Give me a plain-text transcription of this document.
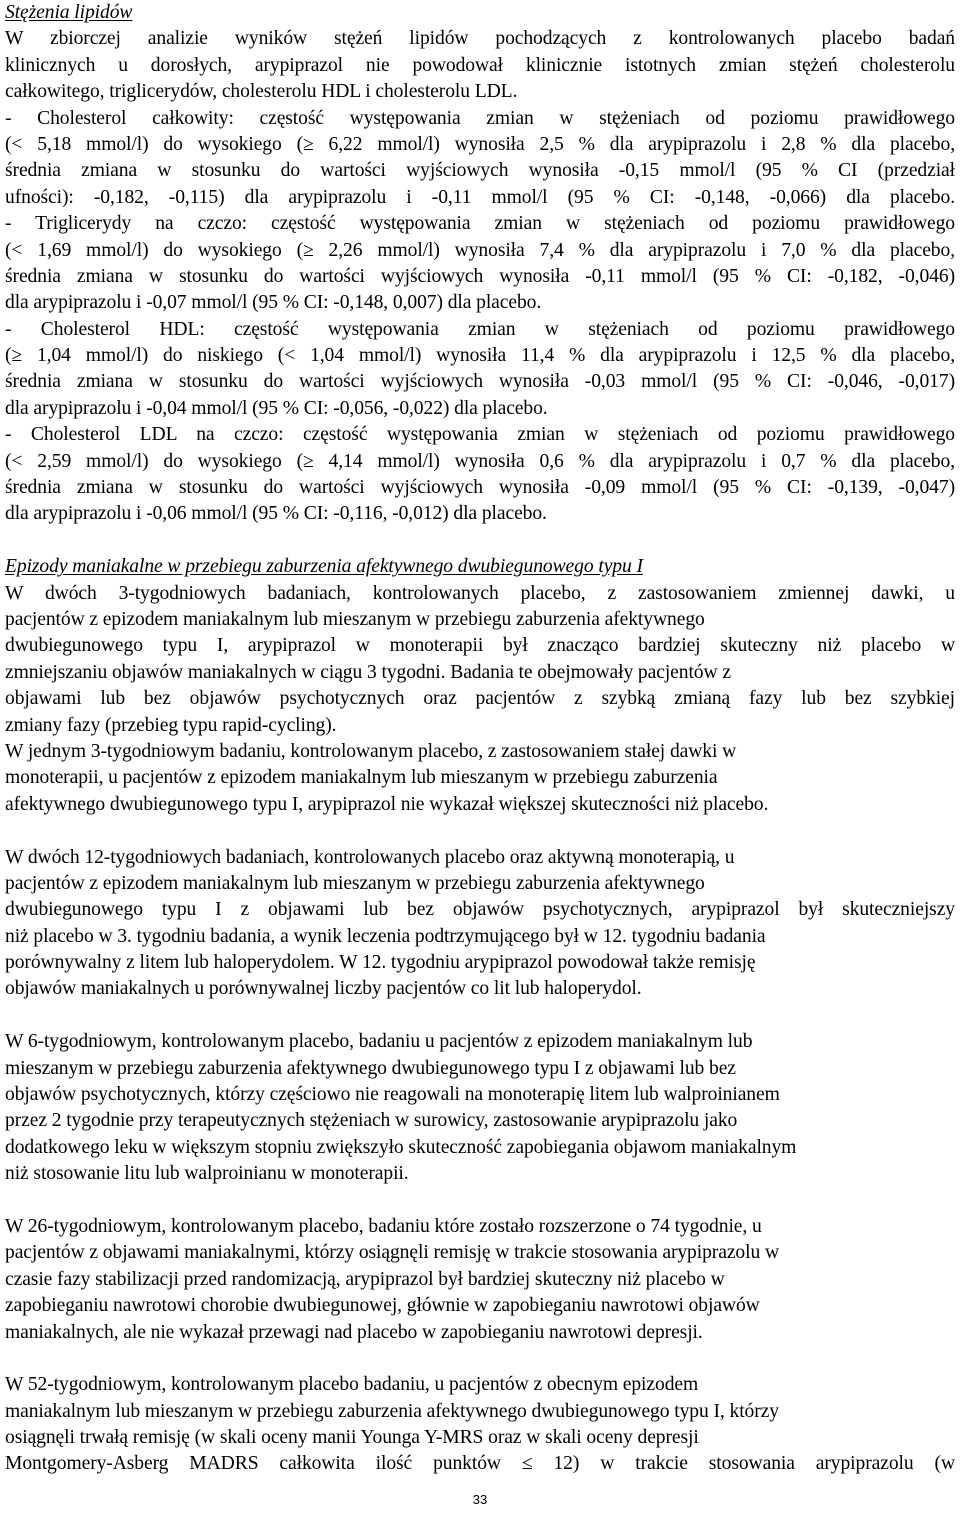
Stężenia lipidów
W zbiorczej analizie wyników stężeń lipidów pochodzących z kontrolowanych placebo badań
klinicznych u dorosłych, arypiprazol nie powodował klinicznie istotnych zmian stężeń cholesterolu
całkowitego, triglicerydów, cholesterolu HDL i cholesterolu LDL.
- Cholesterol całkowity: częstość występowania zmian w stężeniach od poziomu prawidłowego
(< 5,18 mmol/l) do wysokiego (≥ 6,22 mmol/l) wynosiła 2,5 % dla arypiprazolu i 2,8 % dla placebo,
średnia zmiana w stosunku do wartości wyjściowych wynosiła -0,15 mmol/l (95 % CI (przedział
ufności): -0,182, -0,115) dla arypiprazolu i -0,11 mmol/l (95 % CI: -0,148, -0,066) dla placebo.
- Triglicerydy na czczo: częstość występowania zmian w stężeniach od poziomu prawidłowego
(< 1,69 mmol/l) do wysokiego (≥ 2,26 mmol/l) wynosiła 7,4 % dla arypiprazolu i 7,0 % dla placebo,
średnia zmiana w stosunku do wartości wyjściowych wynosiła -0,11 mmol/l (95 % CI: -0,182, -0,046)
dla arypiprazolu i -0,07 mmol/l (95 % CI: -0,148, 0,007) dla placebo.
- Cholesterol HDL: częstość występowania zmian w stężeniach od poziomu prawidłowego
(≥ 1,04 mmol/l) do niskiego (< 1,04 mmol/l) wynosiła 11,4 % dla arypiprazolu i 12,5 % dla placebo,
średnia zmiana w stosunku do wartości wyjściowych wynosiła -0,03 mmol/l (95 % CI: -0,046, -0,017)
dla arypiprazolu i -0,04 mmol/l (95 % CI: -0,056, -0,022) dla placebo.
- Cholesterol LDL na czczo: częstość występowania zmian w stężeniach od poziomu prawidłowego
(< 2,59 mmol/l) do wysokiego (≥ 4,14 mmol/l) wynosiła 0,6 % dla arypiprazolu i 0,7 % dla placebo,
średnia zmiana w stosunku do wartości wyjściowych wynosiła -0,09 mmol/l (95 % CI: -0,139, -0,047)
dla arypiprazolu i -0,06 mmol/l (95 % CI: -0,116, -0,012) dla placebo.
Epizody maniakalne w przebiegu zaburzenia afektywnego dwubiegunowego typu I
W dwóch 3-tygodniowych badaniach, kontrolowanych placebo, z zastosowaniem zmiennej dawki, u
pacjentów z epizodem maniakalnym lub mieszanym w przebiegu zaburzenia afektywnego
dwubiegunowego typu I, arypiprazol w monoterapii był znacząco bardziej skuteczny niż placebo w
zmniejszaniu objawów maniakalnych w ciągu 3 tygodni. Badania te obejmowały pacjentów z
objawami lub bez objawów psychotycznych oraz pacjentów z szybką zmianą fazy lub bez szybkiej
zmiany fazy (przebieg typu rapid-cycling).
W jednym 3-tygodniowym badaniu, kontrolowanym placebo, z zastosowaniem stałej dawki w
monoterapii, u pacjentów z epizodem maniakalnym lub mieszanym w przebiegu zaburzenia
afektywnego dwubiegunowego typu I, arypiprazol nie wykazał większej skuteczności niż placebo.
W dwóch 12-tygodniowych badaniach, kontrolowanych placebo oraz aktywną monoterapią, u
pacjentów z epizodem maniakalnym lub mieszanym w przebiegu zaburzenia afektywnego
dwubiegunowego typu I z objawami lub bez objawów psychotycznych, arypiprazol był skuteczniejszy
niż placebo w 3. tygodniu badania, a wynik leczenia podtrzymującego był w 12. tygodniu badania
porównywalny z litem lub haloperydolem. W 12. tygodniu arypiprazol powodował także remisję
objawów maniakalnych u porównywalnej liczby pacjentów co lit lub haloperydol.
W 6-tygodniowym, kontrolowanym placebo, badaniu u pacjentów z epizodem maniakalnym lub
mieszanym w przebiegu zaburzenia afektywnego dwubiegunowego typu I z objawami lub bez
objawów psychotycznych, którzy częściowo nie reagowali na monoterapię litem lub walproinianem
przez 2 tygodnie przy terapeutycznych stężeniach w surowicy, zastosowanie arypiprazolu jako
dodatkowego leku w większym stopniu zwiększyło skuteczność zapobiegania objawom maniakalnym
niż stosowanie litu lub walproinianu w monoterapii.
W 26-tygodniowym, kontrolowanym placebo, badaniu które zostało rozszerzone o 74 tygodnie, u
pacjentów z objawami maniakalnymi, którzy osiągnęli remisję w trakcie stosowania arypiprazolu w
czasie fazy stabilizacji przed randomizacją, arypiprazol był bardziej skuteczny niż placebo w
zapobieganiu nawrotowi chorobie dwubiegunowej, głównie w zapobieganiu nawrotowi objawów
maniakalnych, ale nie wykazał przewagi nad placebo w zapobieganiu nawrotowi depresji.
W 52-tygodniowym, kontrolowanym placebo badaniu, u pacjentów z obecnym epizodem
maniakalnym lub mieszanym w przebiegu zaburzenia afektywnego dwubiegunowego typu I, którzy
osiągnęli trwałą remisję (w skali oceny manii Younga Y-MRS oraz w skali oceny depresji
Montgomery-Asberg MADRS całkowita ilość punktów ≤ 12) w trakcie stosowania arypiprazolu (w
33
